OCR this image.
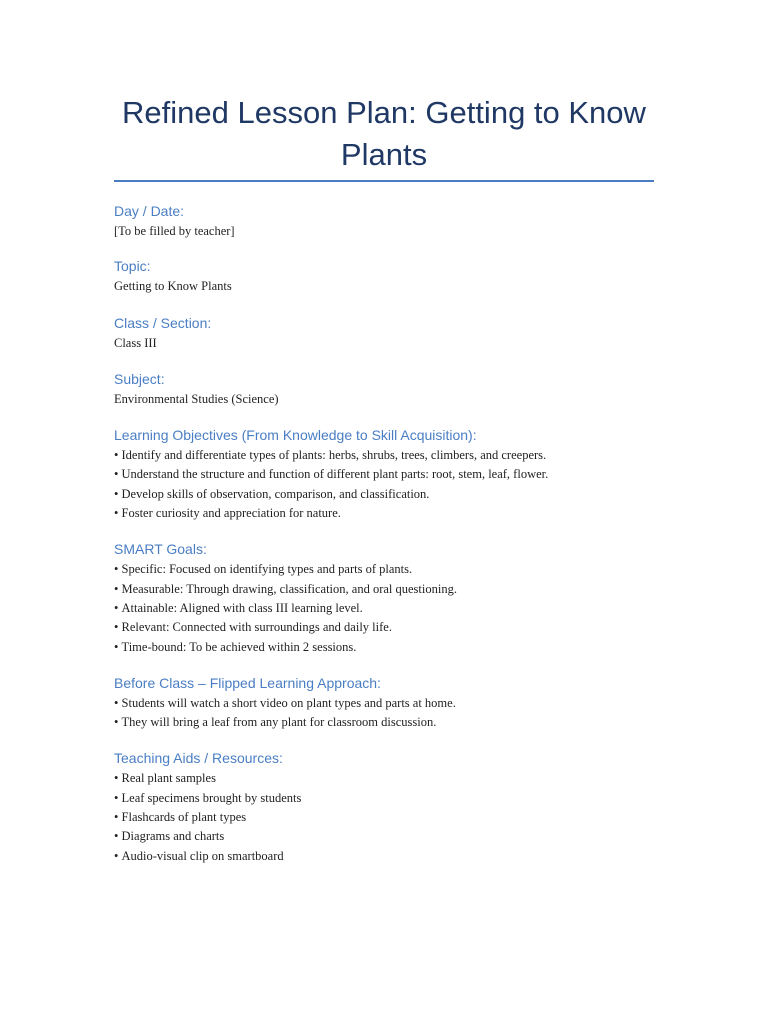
Refined Lesson Plan: Getting to Know Plants
Day / Date:

[To be filled by teacher]

Topic:

Getting to Know Plants

Class / Section:

Class III

Subject:

Environmental Studies (Science)

Learning Objectives (From Knowledge to Skill Acquisition):
• Identify and differentiate types of plants: herbs, shrubs, trees, climbers, and creepers.
• Understand the structure and function of different plant parts: root, stem, leaf, flower.
• Develop skills of observation, comparison, and classification.
• Foster curiosity and appreciation for nature.
SMART Goals:
• Specific: Focused on identifying types and parts of plants.
• Measurable: Through drawing, classification, and oral questioning.
• Attainable: Aligned with class III learning level.
• Relevant: Connected with surroundings and daily life.
• Time-bound: To be achieved within 2 sessions.
Before Class – Flipped Learning Approach:
• Students will watch a short video on plant types and parts at home.
• They will bring a leaf from any plant for classroom discussion.
Teaching Aids / Resources:
• Real plant samples
• Leaf specimens brought by students
• Flashcards of plant types
• Diagrams and charts
• Audio-visual clip on smartboard
